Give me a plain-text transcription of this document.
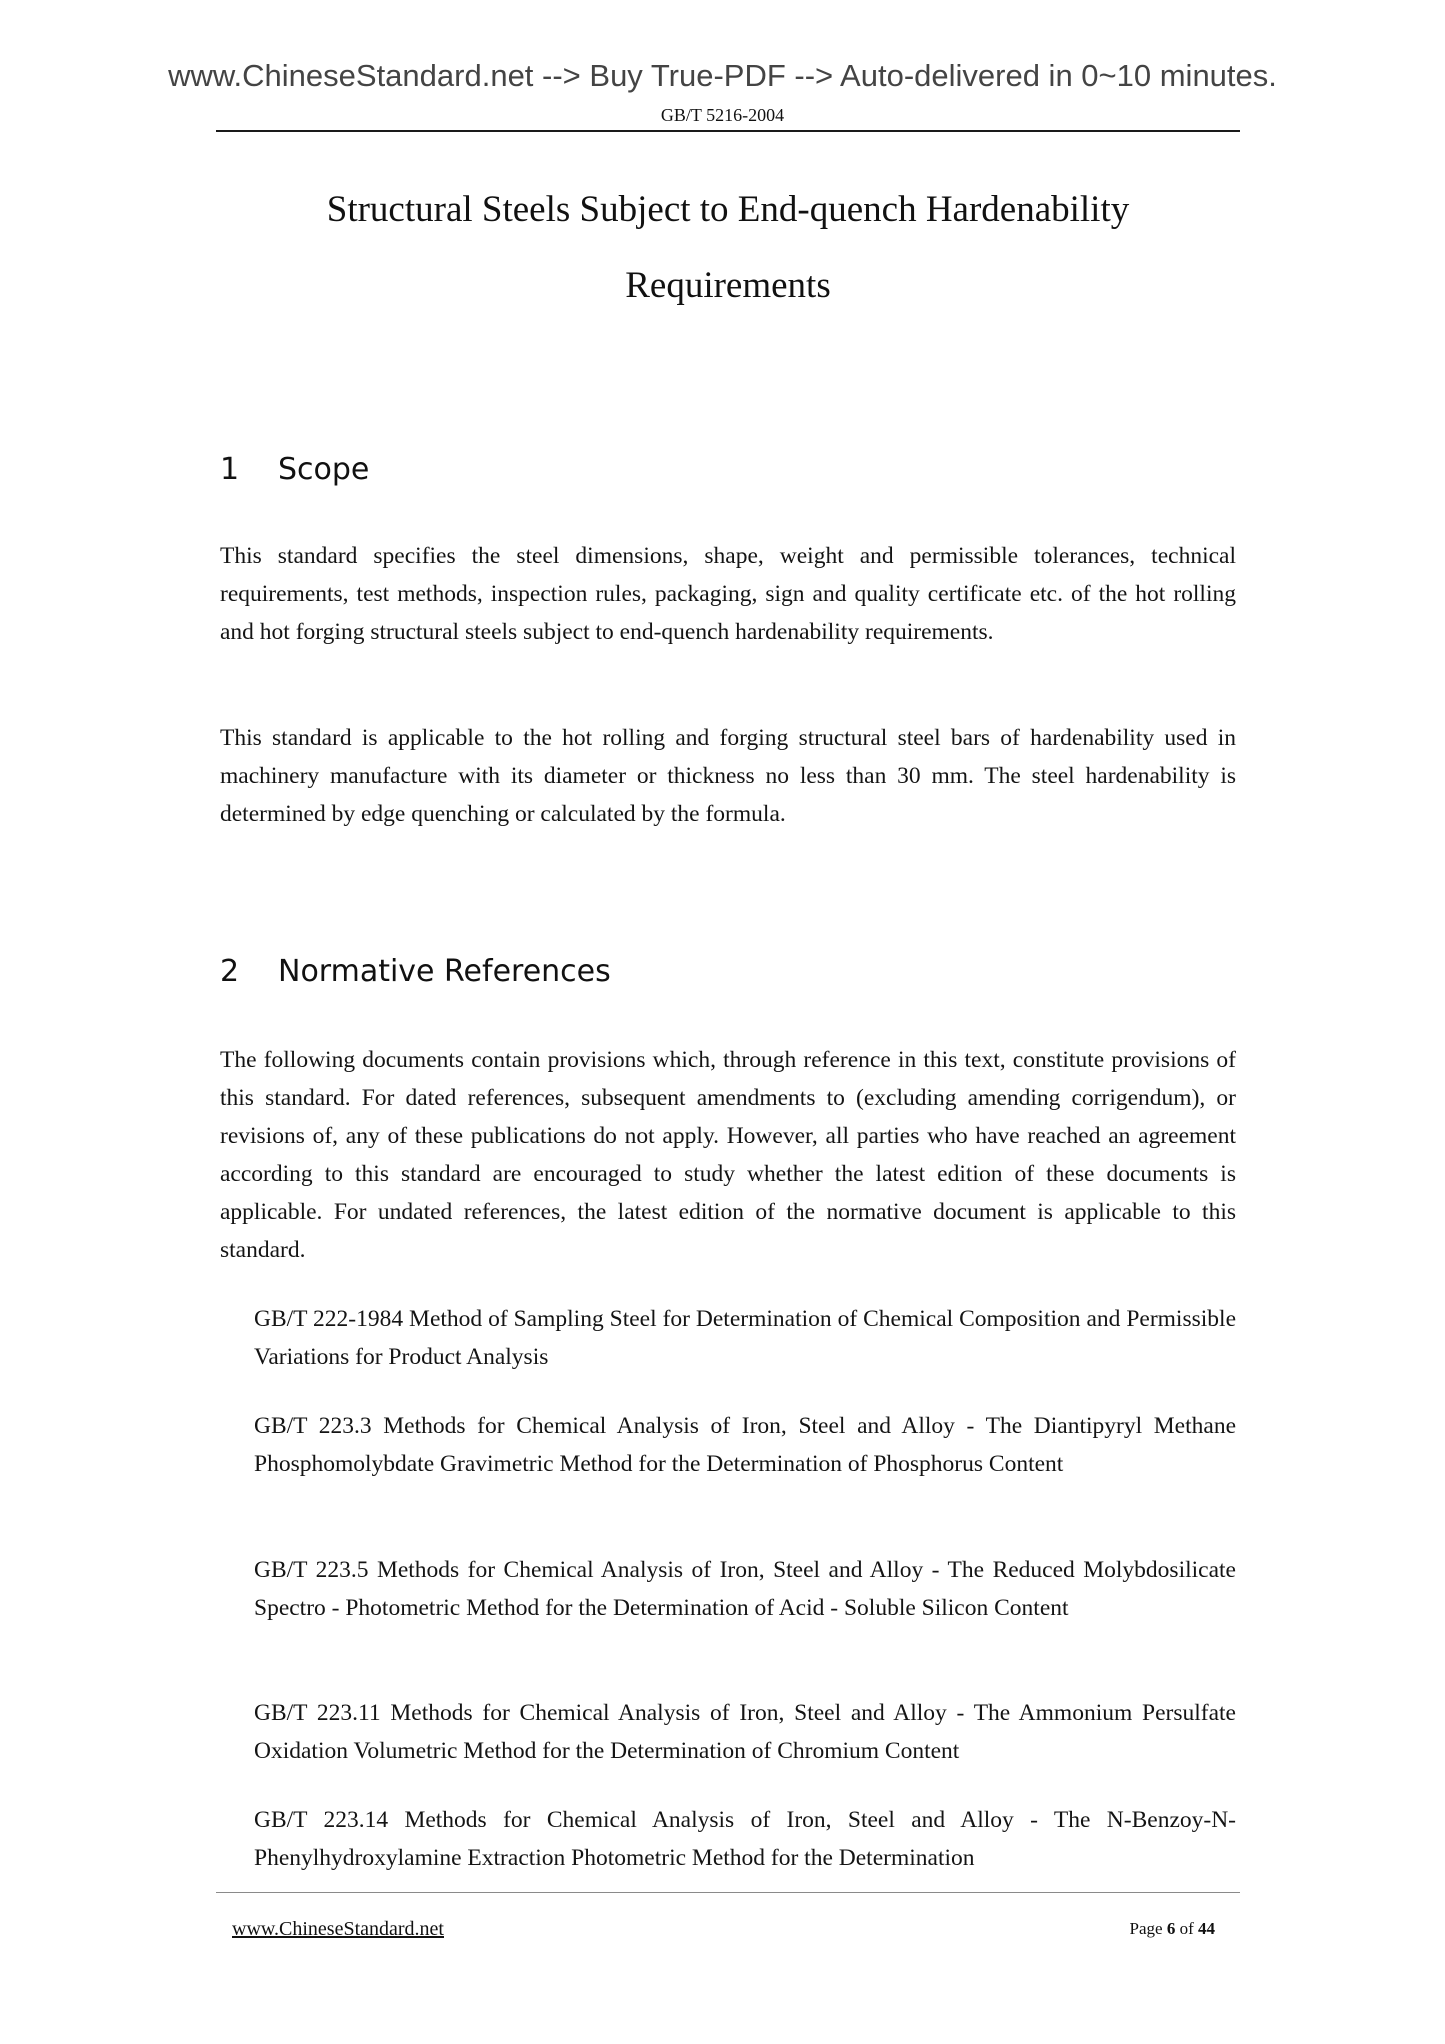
www.ChineseStandard.net --> Buy True-PDF --> Auto-delivered in 0~10 minutes.
GB/T 5216-2004
Structural Steels Subject to End-quench Hardenability
Requirements
1 Scope

This standard specifies the steel dimensions, shape, weight and permissible tolerances, technical requirements, test methods, inspection rules, packaging, sign and quality certificate etc. of the hot rolling and hot forging structural steels subject to end-quench hardenability requirements.

This standard is applicable to the hot rolling and forging structural steel bars of hardenability used in machinery manufacture with its diameter or thickness no less than 30 mm. The steel hardenability is determined by edge quenching or calculated by the formula.

2 Normative References

The following documents contain provisions which, through reference in this text, constitute provisions of this standard. For dated references, subsequent amendments to (excluding amending corrigendum), or revisions of, any of these publications do not apply. However, all parties who have reached an agreement according to this standard are encouraged to study whether the latest edition of these documents is applicable. For undated references, the latest edition of the normative document is applicable to this standard.

GB/T 222-1984 Method of Sampling Steel for Determination of Chemical Composition and Permissible Variations for Product Analysis

GB/T 223.3 Methods for Chemical Analysis of Iron, Steel and Alloy - The Diantipyryl Methane Phosphomolybdate Gravimetric Method for the Determination of Phosphorus Content

GB/T 223.5 Methods for Chemical Analysis of Iron, Steel and Alloy - The Reduced Molybdosilicate Spectro - Photometric Method for the Determination of Acid - Soluble Silicon Content

GB/T 223.11 Methods for Chemical Analysis of Iron, Steel and Alloy - The Ammonium Persulfate Oxidation Volumetric Method for the Determination of Chromium Content

GB/T 223.14 Methods for Chemical Analysis of Iron, Steel and Alloy - The N-Benzoy-N-Phenylhydroxylamine Extraction Photometric Method for the Determination

www.ChineseStandard.net	Page 6 of 44
